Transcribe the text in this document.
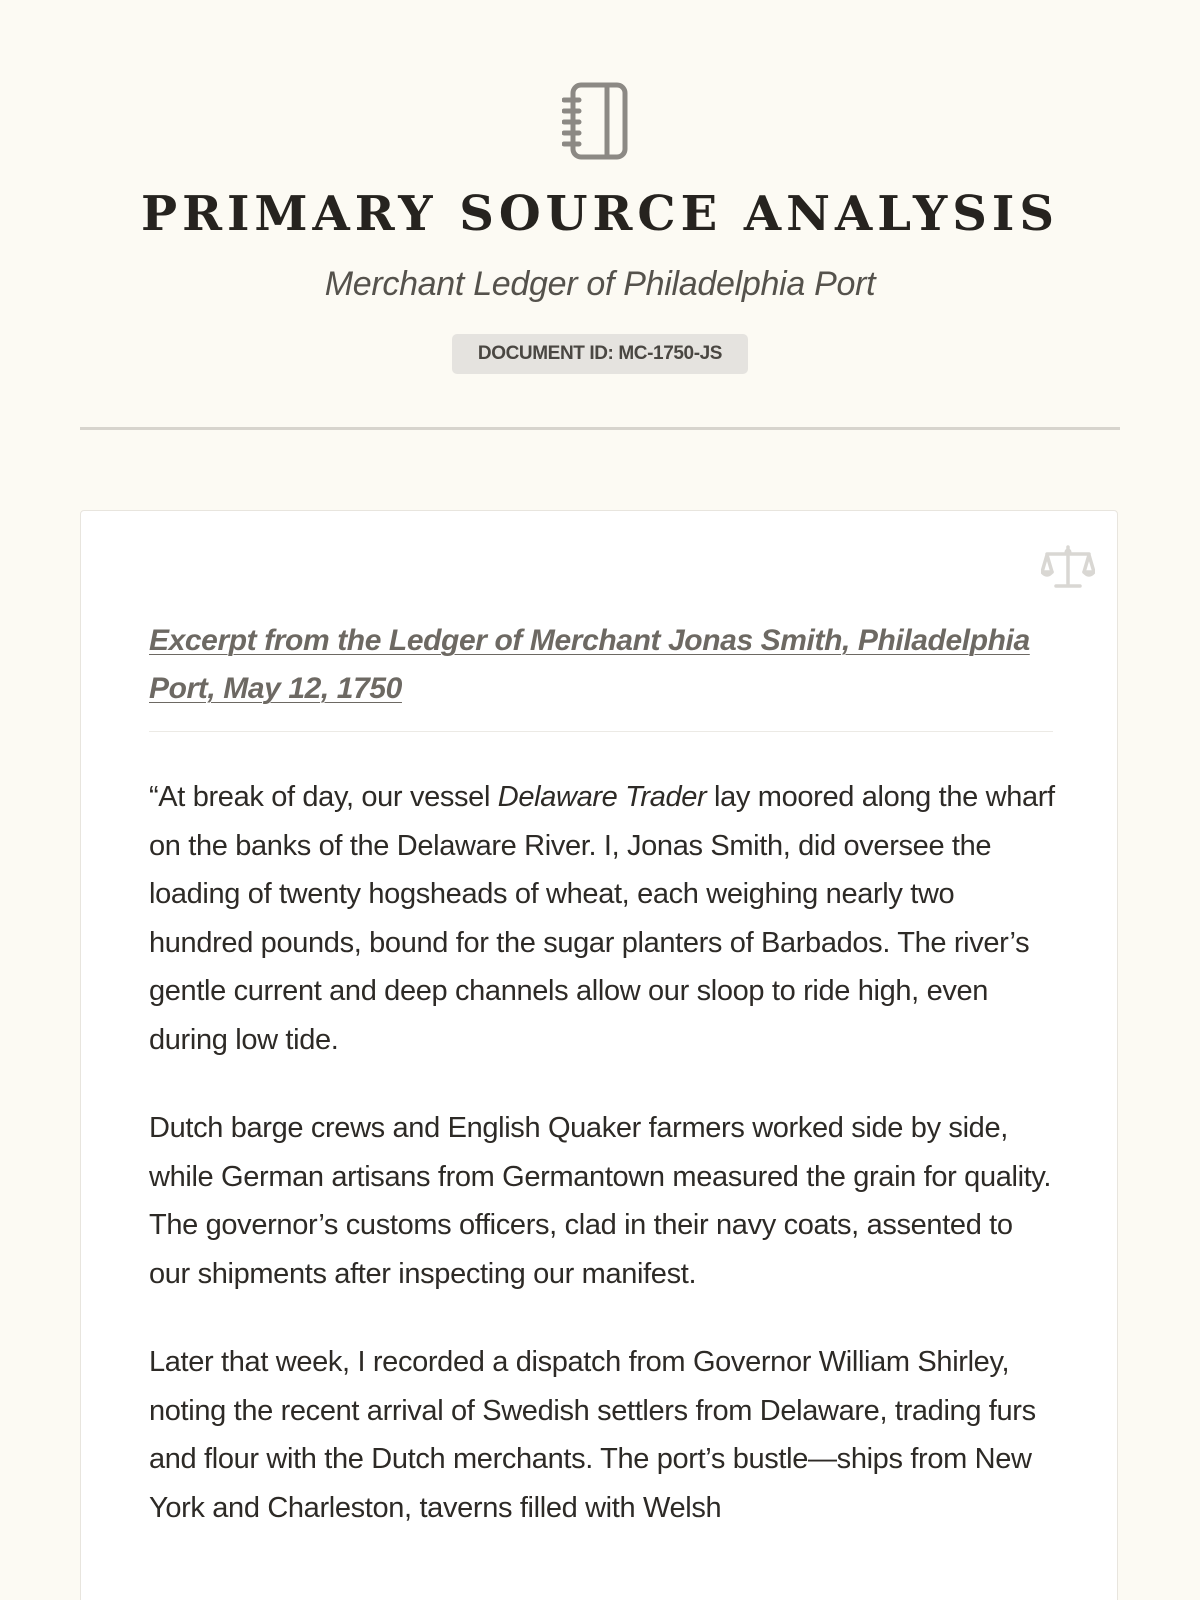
PRIMARY SOURCE ANALYSIS
Merchant Ledger of Philadelphia Port
DOCUMENT ID: MC-1750-JS
Excerpt from the Ledger of Merchant Jonas Smith, Philadelphia Port, May 12, 1750

“At break of day, our vessel Delaware Trader lay moored along the wharf on the banks of the Delaware River. I, Jonas Smith, did oversee the loading of twenty hogsheads of wheat, each weighing nearly two hundred pounds, bound for the sugar planters of Barbados. The river’s gentle current and deep channels allow our sloop to ride high, even during low tide.

Dutch barge crews and English Quaker farmers worked side by side, while German artisans from Germantown measured the grain for quality. The governor’s customs officers, clad in their navy coats, assented to our shipments after inspecting our manifest.

Later that week, I recorded a dispatch from Governor William Shirley, noting the recent arrival of Swedish settlers from Delaware, trading furs and flour with the Dutch merchants. The port’s bustle—ships from New York and Charleston, taverns filled with Welsh
